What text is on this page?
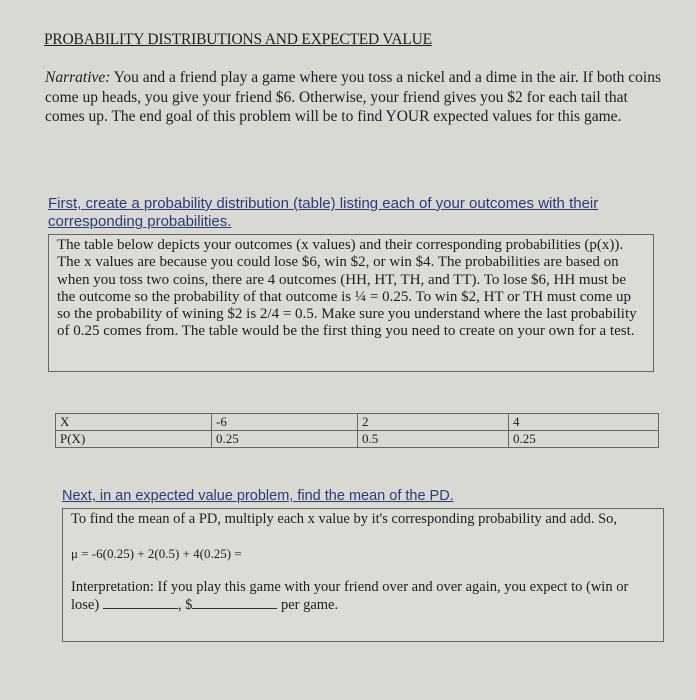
PROBABILITY DISTRIBUTIONS AND EXPECTED VALUE
Narrative: You and a friend play a game where you toss a nickel and a dime in the air. If both coins come up heads, you give your friend $6. Otherwise, your friend gives you $2 for each tail that comes up. The end goal of this problem will be to find YOUR expected values for this game.
First, create a probability distribution (table) listing each of your outcomes with their corresponding probabilities.
The table below depicts your outcomes (x values) and their corresponding probabilities (p(x)). The x values are because you could lose $6, win $2, or win $4. The probabilities are based on when you toss two coins, there are 4 outcomes (HH, HT, TH, and TT). To lose $6, HH must be the outcome so the probability of that outcome is ¼ = 0.25. To win $2, HT or TH must come up so the probability of wining $2 is 2/4 = 0.5. Make sure you understand where the last probability of 0.25 comes from. The table would be the first thing you need to create on your own for a test.
X	-6	2	4
P(X)	0.25	0.5	0.25
Next, in an expected value problem, find the mean of the PD.
To find the mean of a PD, multiply each x value by it's corresponding probability and add. So,
μ = -6(0.25) + 2(0.5) + 4(0.25) =
Interpretation: If you play this game with your friend over and over again, you expect to (win or lose)	, $	per game.
